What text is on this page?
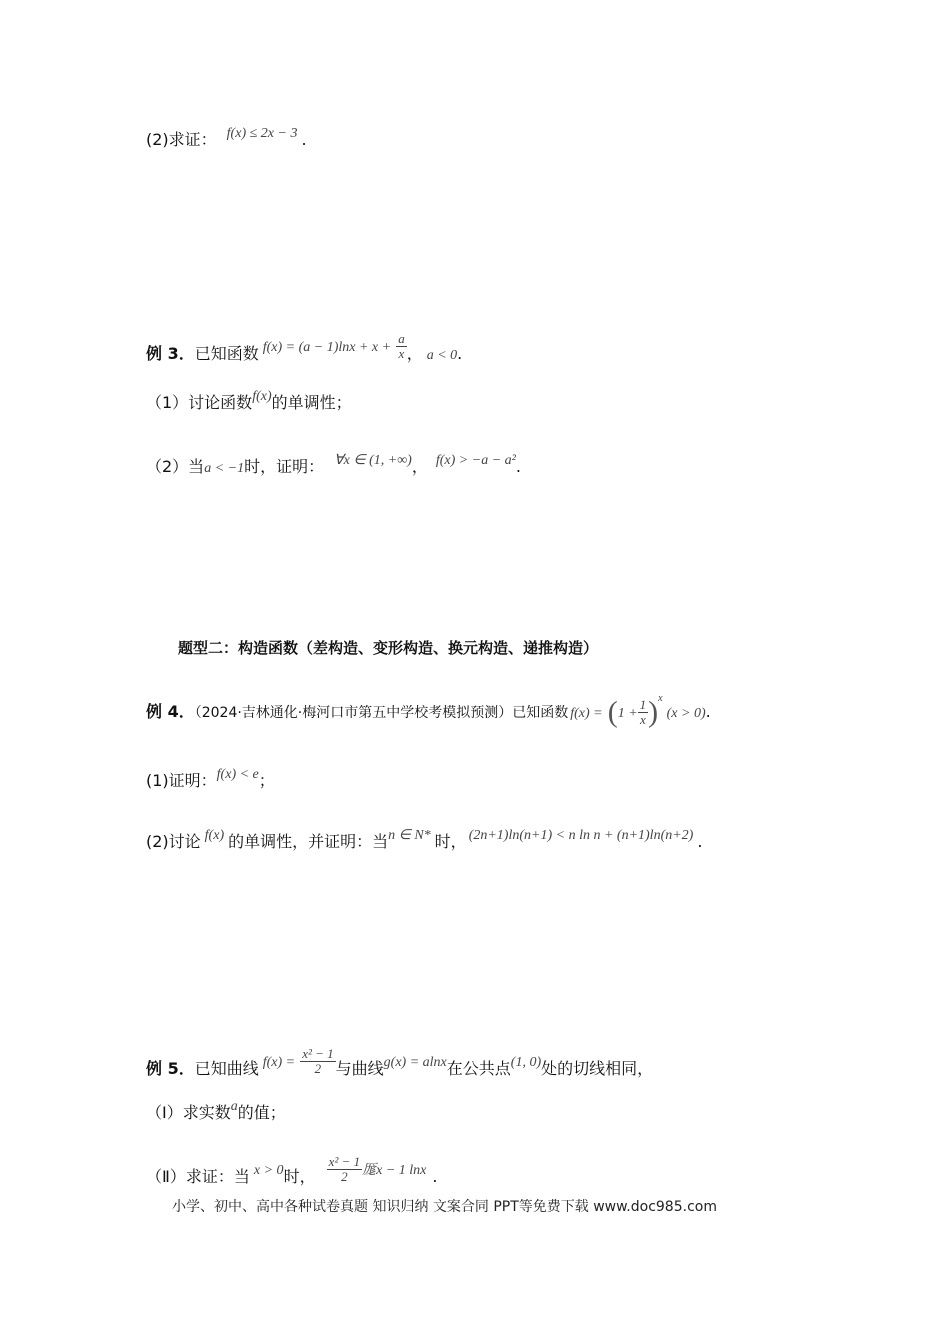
(2)求证： f(x) ≤ 2x − 3 .
例 3．已知函数 $f(x) = (a - 1)\ln x + x + \frac{a}{x}$ ， a < 0.
（1）讨论函数f(x)的单调性；
（2）当a < −1时，证明： ∀x ∈ (1, +∞)， f(x) > −a − a².
题型二：构造函数（差构造、变形构造、换元构造、递推构造）
例 4．（2024·吉林通化·梅河口市第五中学校考模拟预测）已知函数 $f(x) = (1 + \frac{1}{x} )^x(x > 0)$.
(1)证明：f(x) < e；
(2)讨论 f(x) 的单调性，并证明：当n ∈ N* 时， (2n+1)ln(n+1) < n ln n + (n+1)ln(n+2) .
例 5．已知曲线 $f(x) = \frac{\text{x² − 1}}{2}$ 与曲线g(x) = alnx在公共点(1, 0)处的切线相同，
（Ⅰ）求实数a的值；
（Ⅱ）求证：当 x > 0时， $\frac{\text{x² − 1}}{2}$ 厖x − 1 lnx .
小学、初中、高中各种试卷真题 知识归纳 文案合同 PPT等免费下载 www.doc985.com
